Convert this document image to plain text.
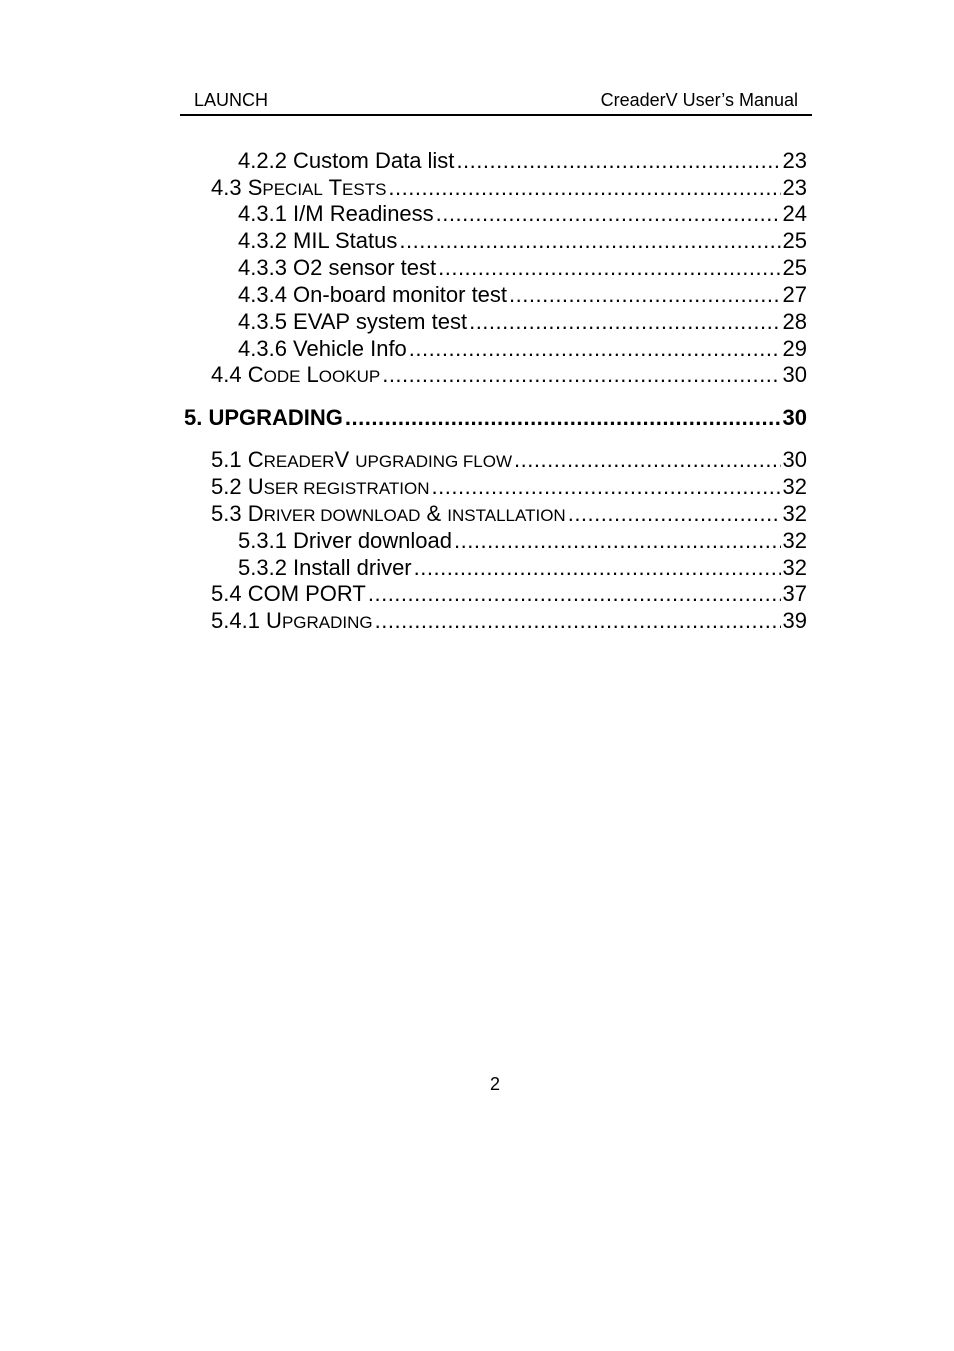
LAUNCH	CreaderV User’s Manual
4.2.2 Custom Data list .....	23
4.3 SPECIAL TESTS .....	23
4.3.1 I/M Readiness .....	24
4.3.2 MIL Status .....	25
4.3.3 O2 sensor test .....	25
4.3.4 On-board monitor test .....	27
4.3.5 EVAP system test .....	28
4.3.6 Vehicle Info .....	29
4.4 CODE LOOKUP .....	30
5. UPGRADING .....	30
5.1 CREADERV UPGRADING FLOW .....	30
5.2 USER REGISTRATION .....	32
5.3 DRIVER DOWNLOAD & INSTALLATION .....	32
5.3.1 Driver download .....	32
5.3.2 Install driver .....	32
5.4 COM PORT .....	37
5.4.1 UPGRADING .....	39
2
